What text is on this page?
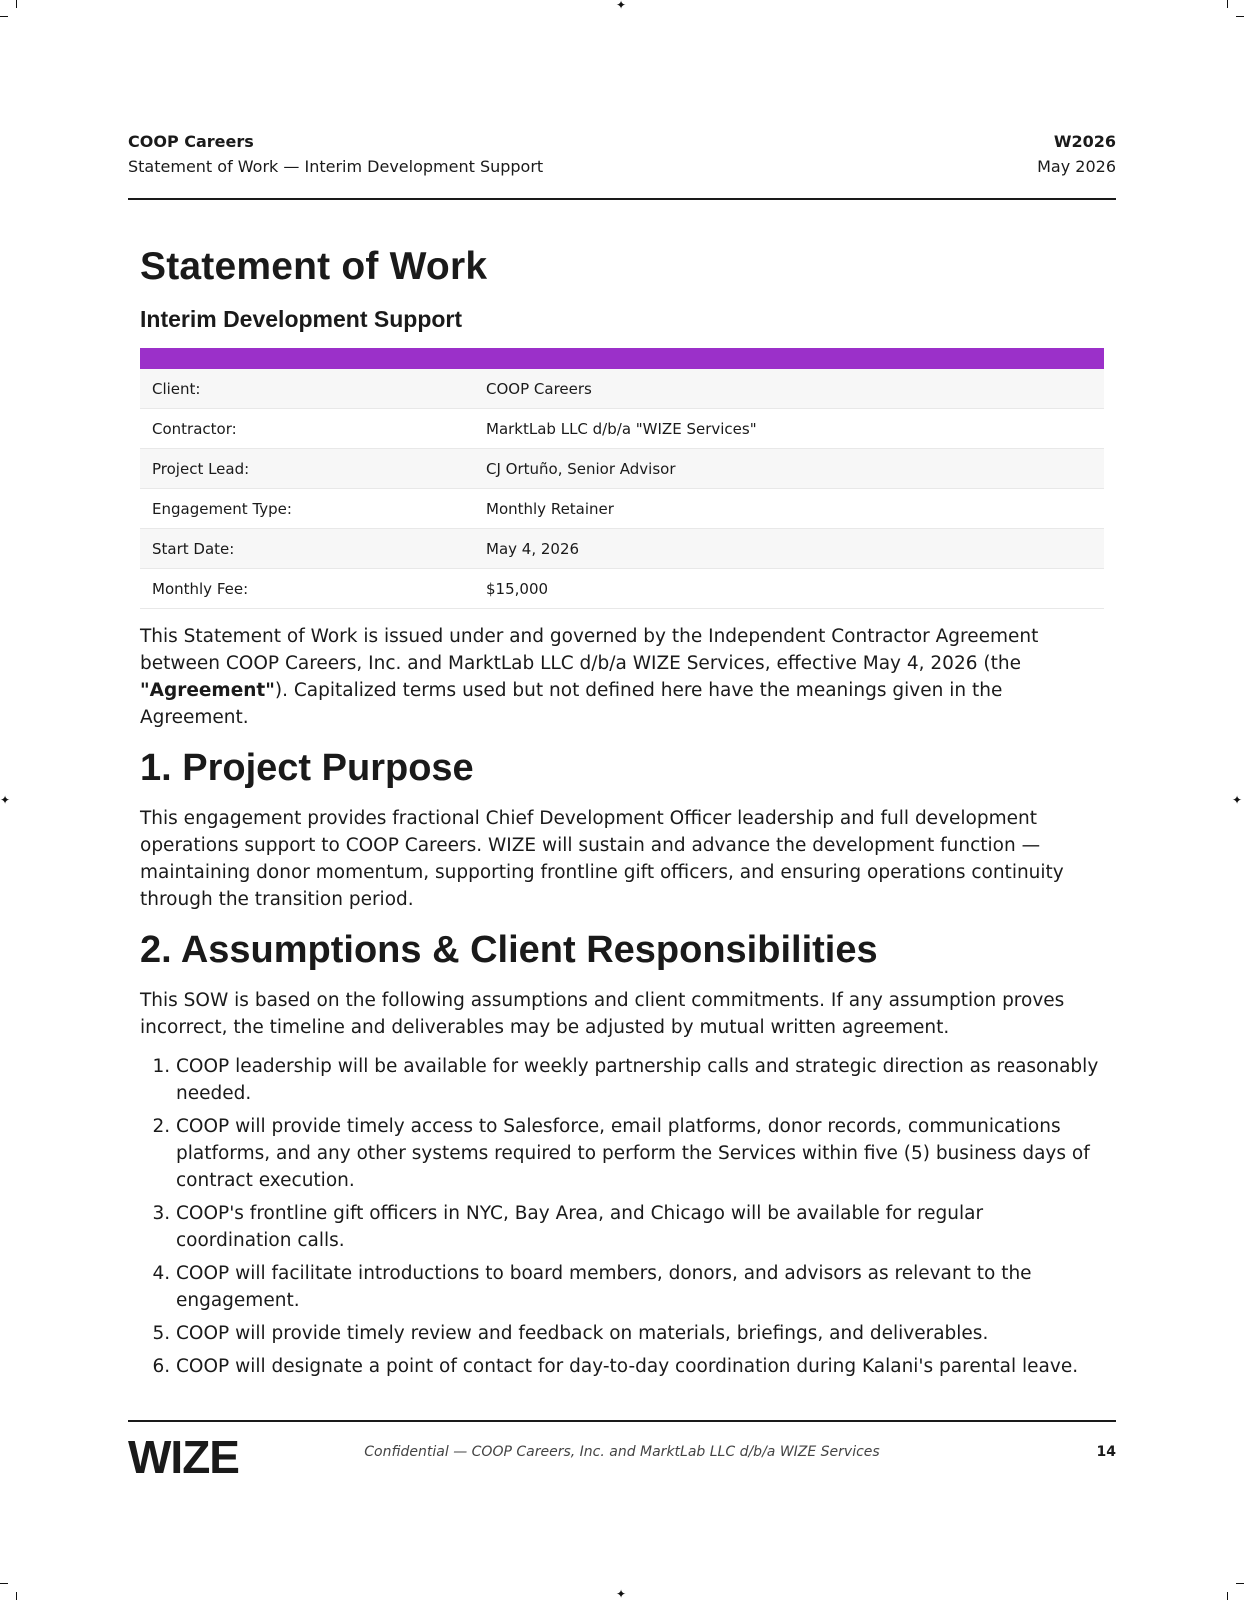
✦
✦
✦	✦
COOP Careers
Statement of Work — Interim Development Support
W2026
May 2026
Statement of Work
Interim Development Support
Client:	COOP Careers
Contractor:	MarktLab LLC d/b/a "WIZE Services"
Project Lead:	CJ Ortuño, Senior Advisor
Engagement Type:	Monthly Retainer
Start Date:	May 4, 2026
Monthly Fee:	$15,000

This Statement of Work is issued under and governed by the Independent Contractor Agreement between COOP Careers, Inc. and MarktLab LLC d/b/a WIZE Services, effective May 4, 2026 (the "Agreement"). Capitalized terms used but not defined here have the meanings given in the Agreement.

1. Project Purpose

This engagement provides fractional Chief Development Officer leadership and full development operations support to COOP Careers. WIZE will sustain and advance the development function — maintaining donor momentum, supporting frontline gift officers, and ensuring operations continuity through the transition period.

2. Assumptions & Client Responsibilities

This SOW is based on the following assumptions and client commitments. If any assumption proves incorrect, the timeline and deliverables may be adjusted by mutual written agreement.

1. COOP leadership will be available for weekly partnership calls and strategic direction as reasonably needed.
2. COOP will provide timely access to Salesforce, email platforms, donor records, communications platforms, and any other systems required to perform the Services within five (5) business days of contract execution.
3. COOP's frontline gift officers in NYC, Bay Area, and Chicago will be available for regular coordination calls.
4. COOP will facilitate introductions to board members, donors, and advisors as relevant to the engagement.
5. COOP will provide timely review and feedback on materials, briefings, and deliverables.
6. COOP will designate a point of contact for day-to-day coordination during Kalani's parental leave.
WIZE	Confidential — COOP Careers, Inc. and MarktLab LLC d/b/a WIZE Services	14
